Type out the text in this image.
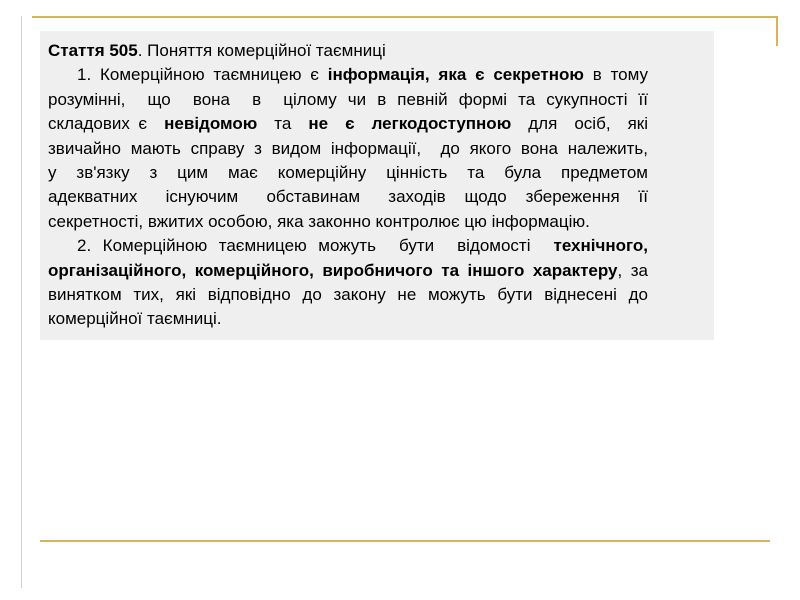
Стаття 505. Поняття комерційної таємниці
1. Комерційною таємницею є інформація, яка є секретною в тому
розумінні,  що  вона  в  цілому чи в певній формі та сукупності її
складових є  невідомою  та  не  є  легкодоступною  для  осіб,  які
звичайно мають справу з видом інформації,  до якого вона належить,
у  зв'язку  з  цим  має  комерційну  цінність  та  була  предметом
адекватних   існуючим   обставинам   заходів  щодо  збереження  її
секретності, вжитих особою, яка законно контролює цю інформацію.
2. Комерційною таємницею можуть  бути  відомості  технічного,
організаційного, комерційного, виробничого та іншого характеру, за
винятком тих, які відповідно до закону не можуть бути віднесені до
комерційної таємниці.
